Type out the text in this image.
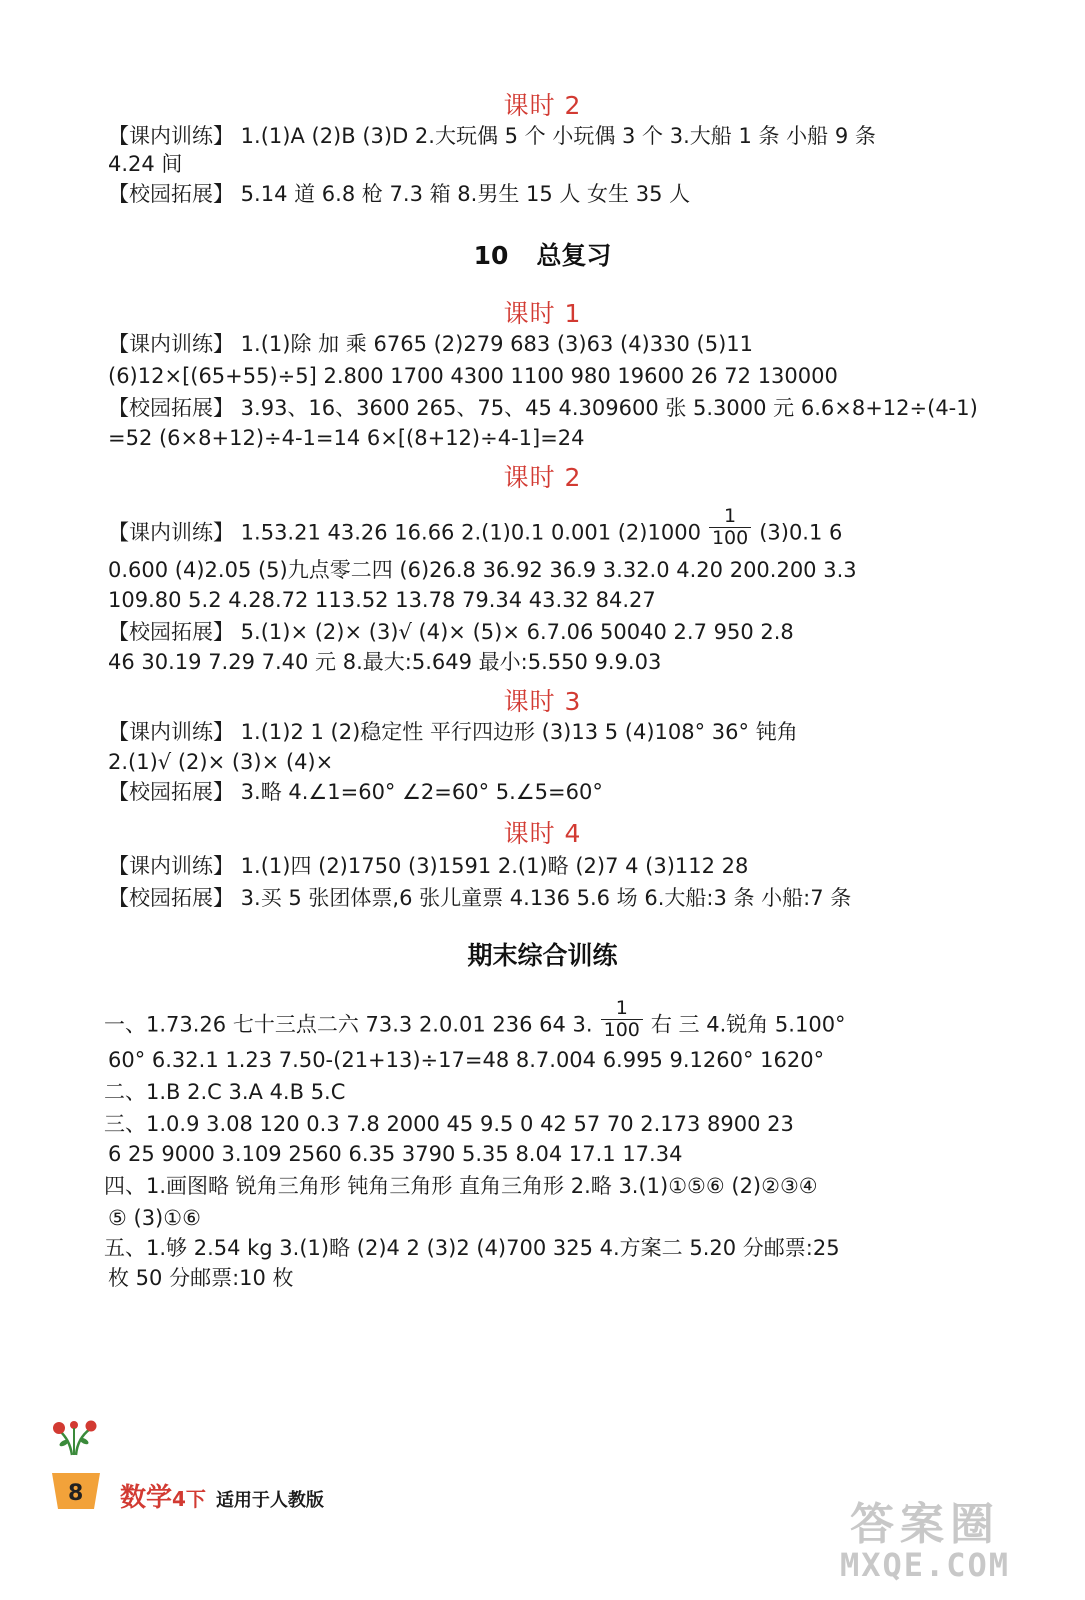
课时 2
【课内训练】 1.(1)A (2)B (3)D 2.大玩偶 5 个 小玩偶 3 个 3.大船 1 条 小船 9 条
4.24 间
【校园拓展】 5.14 道 6.8 枪 7.3 箱 8.男生 15 人 女生 35 人
10 总复习
课时 1
【课内训练】 1.(1)除 加 乘 6765 (2)279 683 (3)63 (4)330 (5)11
(6)12×[(65+55)÷5] 2.800 1700 4300 1100 980 19600 26 72 130000
【校园拓展】 3.93、16、3600 265、75、45 4.309600 张 5.3000 元 6.6×8+12÷(4-1)
=52 (6×8+12)÷4-1=14 6×[(8+12)÷4-1]=24
课时 2
【课内训练】 1.53.21 43.26 16.66 2.(1)0.1 0.001 $(2)1000 \frac{1}{100} (3)0.1$ 6
0.600 (4)2.05 (5)九点零二四 (6)26.8 36.92 36.9 3.32.0 4.20 200.200 3.3
109.80 5.2 4.28.72 113.52 13.78 79.34 43.32 84.27
【校园拓展】 5.(1)× (2)× (3)√ (4)× (5)× 6.7.06 50040 2.7 950 2.8
46 30.19 7.29 7.40 元 8.最大:5.649 最小:5.550 9.9.03
课时 3
【课内训练】 1.(1)2 1 (2)稳定性 平行四边形 (3)13 5 (4)108° 36° 钝角
2.(1)√ (2)× (3)× (4)×
【校园拓展】 3.略 4.∠1=60° ∠2=60° 5.∠5=60°
课时 4
【课内训练】 1.(1)四 (2)1750 (3)1591 2.(1)略 (2)7 4 (3)112 28
【校园拓展】 3.买 5 张团体票,6 张儿童票 4.136 5.6 场 6.大船:3 条 小船:7 条
期末综合训练
一、1.73.26 七十三点二六 73.3 2.0.01 236 64 3. $\frac{1}{100}$ 右 三 4.锐角 5.100°
60° 6.32.1 1.23 7.50-(21+13)÷17=48 8.7.004 6.995 9.1260° 1620°
二、1.B 2.C 3.A 4.B 5.C
三、1.0.9 3.08 120 0.3 7.8 2000 45 9.5 0 42 57 70 2.173 8900 23
6 25 9000 3.109 2560 6.35 3790 5.35 8.04 17.1 17.34
四、1.画图略 锐角三角形 钝角三角形 直角三角形 2.略 3.(1)①⑤⑥ (2)②③④
⑤ (3)①⑥
五、1.够 2.54 kg 3.(1)略 (2)4 2 (3)2 (4)700 325 4.方案二 5.20 分邮票:25
枚 50 分邮票:10 枚
8 数学4下 适用于人教版	答案圈
MXQE.COM
